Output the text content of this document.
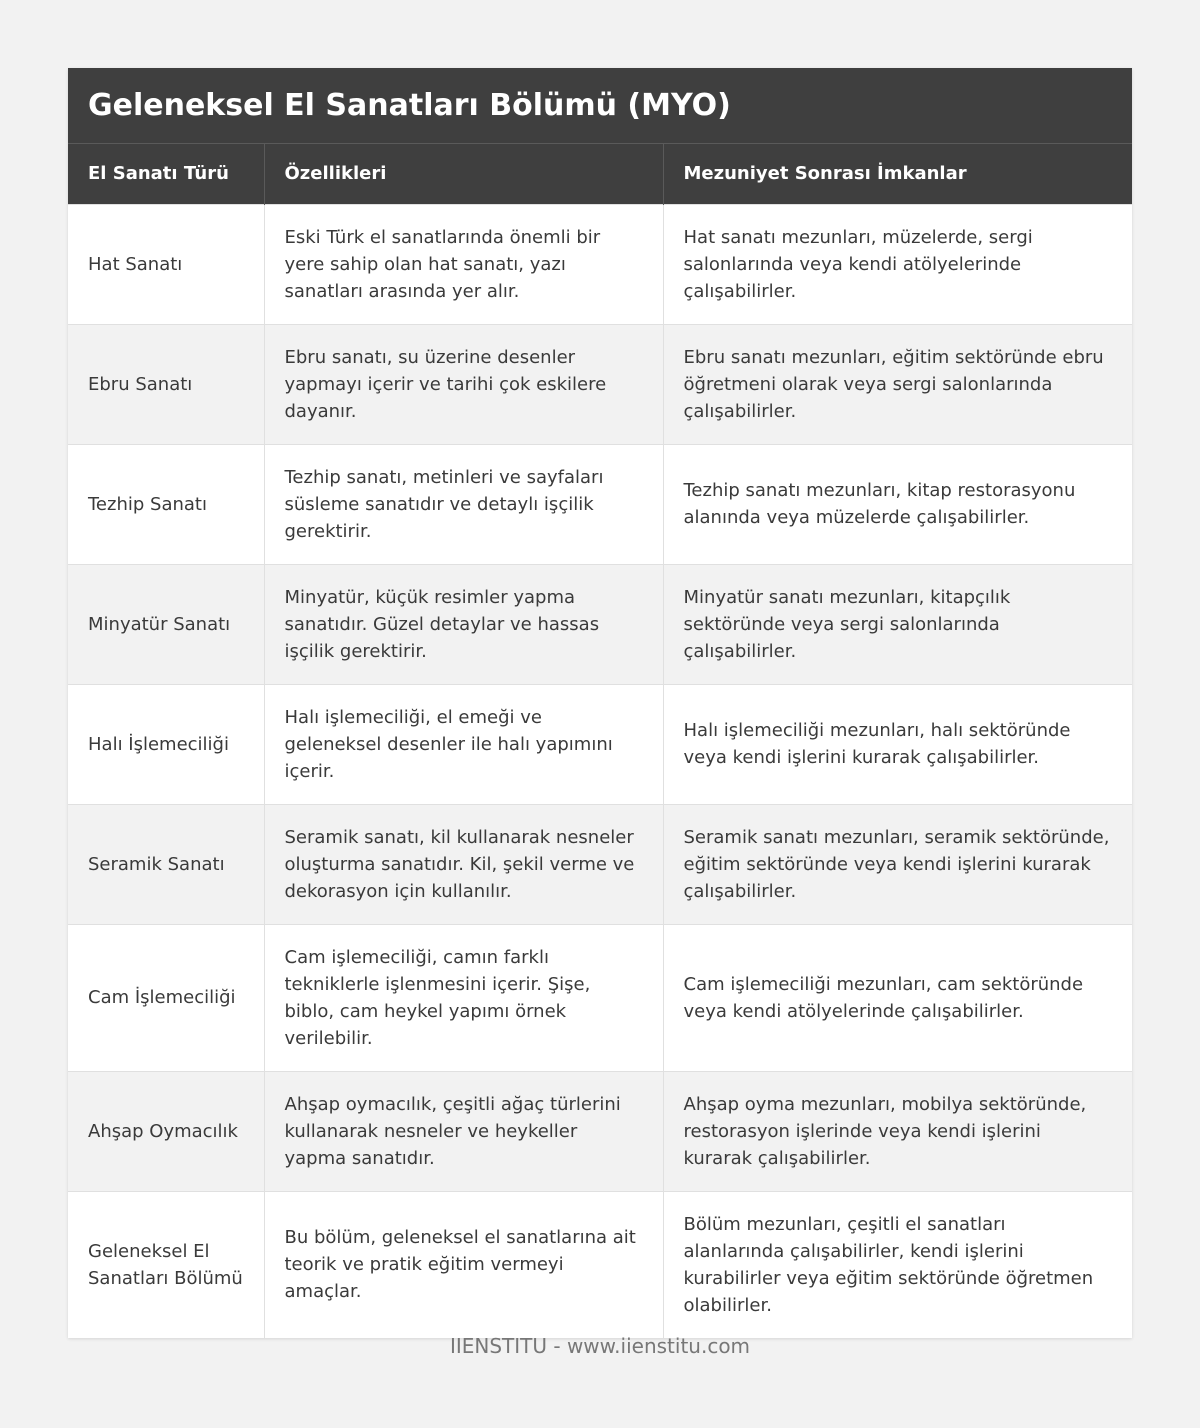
Geleneksel El Sanatları Bölümü (MYO)
El Sanatı Türü	Özellikleri	Mezuniyet Sonrası İmkanlar
Hat Sanatı	Eski Türk el sanatlarında önemli bir yere sahip olan hat sanatı, yazı sanatları arasında yer alır.	Hat sanatı mezunları, müzelerde, sergi salonlarında veya kendi atölyelerinde çalışabilirler.
Ebru Sanatı	Ebru sanatı, su üzerine desenler yapmayı içerir ve tarihi çok eskilere dayanır.	Ebru sanatı mezunları, eğitim sektöründe ebru öğretmeni olarak veya sergi salonlarında çalışabilirler.
Tezhip Sanatı	Tezhip sanatı, metinleri ve sayfaları süsleme sanatıdır ve detaylı işçilik gerektirir.	Tezhip sanatı mezunları, kitap restorasyonu alanında veya müzelerde çalışabilirler.
Minyatür Sanatı	Minyatür, küçük resimler yapma sanatıdır. Güzel detaylar ve hassas işçilik gerektirir.	Minyatür sanatı mezunları, kitapçılık sektöründe veya sergi salonlarında çalışabilirler.
Halı İşlemeciliği	Halı işlemeciliği, el emeği ve geleneksel desenler ile halı yapımını içerir.	Halı işlemeciliği mezunları, halı sektöründe veya kendi işlerini kurarak çalışabilirler.
Seramik Sanatı	Seramik sanatı, kil kullanarak nesneler oluşturma sanatıdır. Kil, şekil verme ve dekorasyon için kullanılır.	Seramik sanatı mezunları, seramik sektöründe, eğitim sektöründe veya kendi işlerini kurarak çalışabilirler.
Cam İşlemeciliği	Cam işlemeciliği, camın farklı tekniklerle işlenmesini içerir. Şişe, biblo, cam heykel yapımı örnek verilebilir.	Cam işlemeciliği mezunları, cam sektöründe veya kendi atölyelerinde çalışabilirler.
Ahşap Oymacılık	Ahşap oymacılık, çeşitli ağaç türlerini kullanarak nesneler ve heykeller yapma sanatıdır.	Ahşap oyma mezunları, mobilya sektöründe, restorasyon işlerinde veya kendi işlerini kurarak çalışabilirler.
Geleneksel El Sanatları Bölümü	Bu bölüm, geleneksel el sanatlarına ait teorik ve pratik eğitim vermeyi amaçlar.	Bölüm mezunları, çeşitli el sanatları alanlarında çalışabilirler, kendi işlerini kurabilirler veya eğitim sektöründe öğretmen olabilirler.
IIENSTITU - www.iienstitu.com
